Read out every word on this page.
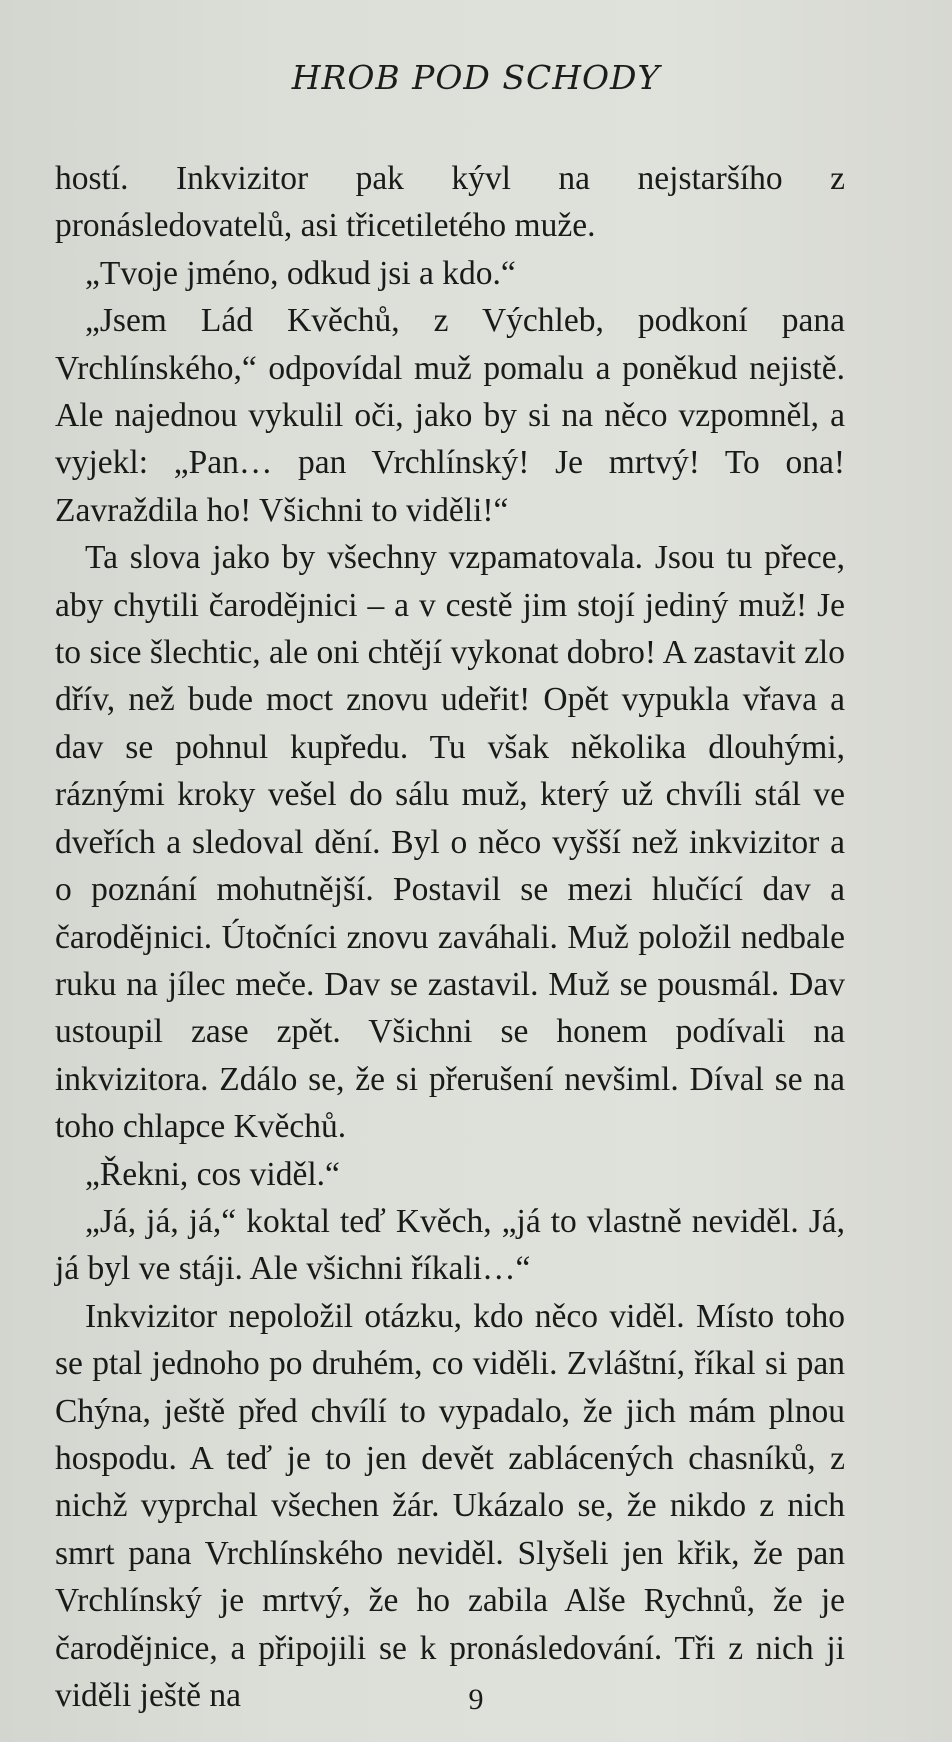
HROB POD SCHODY

hostí. Inkvizitor pak kývl na nejstaršího z pronásledovatelů, asi třicetiletého muže.

„Tvoje jméno, odkud jsi a kdo.“

„Jsem Lád Kvěchů, z Výchleb, podkoní pana Vrchlínského,“ odpovídal muž pomalu a poněkud nejistě. Ale najednou vykulil oči, jako by si na něco vzpomněl, a vyjekl: „Pan… pan Vrchlínský! Je mrtvý! To ona! Zavraždila ho! Všichni to viděli!“

Ta slova jako by všechny vzpamatovala. Jsou tu přece, aby chytili čarodějnici – a v cestě jim stojí jediný muž! Je to sice šlechtic, ale oni chtějí vykonat dobro! A zastavit zlo dřív, než bude moct znovu udeřit! Opět vypukla vřava a dav se pohnul kupředu. Tu však několika dlouhými, ráznými kroky vešel do sálu muž, který už chvíli stál ve dveřích a sledoval dění. Byl o něco vyšší než inkvizitor a o poznání mohutnější. Postavil se mezi hlučící dav a čarodějnici. Útočníci znovu zaváhali. Muž položil nedbale ruku na jílec meče. Dav se zastavil. Muž se pousmál. Dav ustoupil zase zpět. Všichni se honem podívali na inkvizitora. Zdálo se, že si přerušení nevšiml. Díval se na toho chlapce Kvěchů.

„Řekni, cos viděl.“

„Já, já, já,“ koktal teď Kvěch, „já to vlastně neviděl. Já, já byl ve stáji. Ale všichni říkali…“

Inkvizitor nepoložil otázku, kdo něco viděl. Místo toho se ptal jednoho po druhém, co viděli. Zvláštní, říkal si pan Chýna, ještě před chvílí to vypadalo, že jich mám plnou hospodu. A teď je to jen devět zablácených chasníků, z nichž vyprchal všechen žár. Ukázalo se, že nikdo z nich smrt pana Vrchlínského neviděl. Slyšeli jen křik, že pan Vrchlínský je mrtvý, že ho zabila Alše Rychnů, že je čarodějnice, a připojili se k pronásledování. Tři z nich ji viděli ještě na	9
